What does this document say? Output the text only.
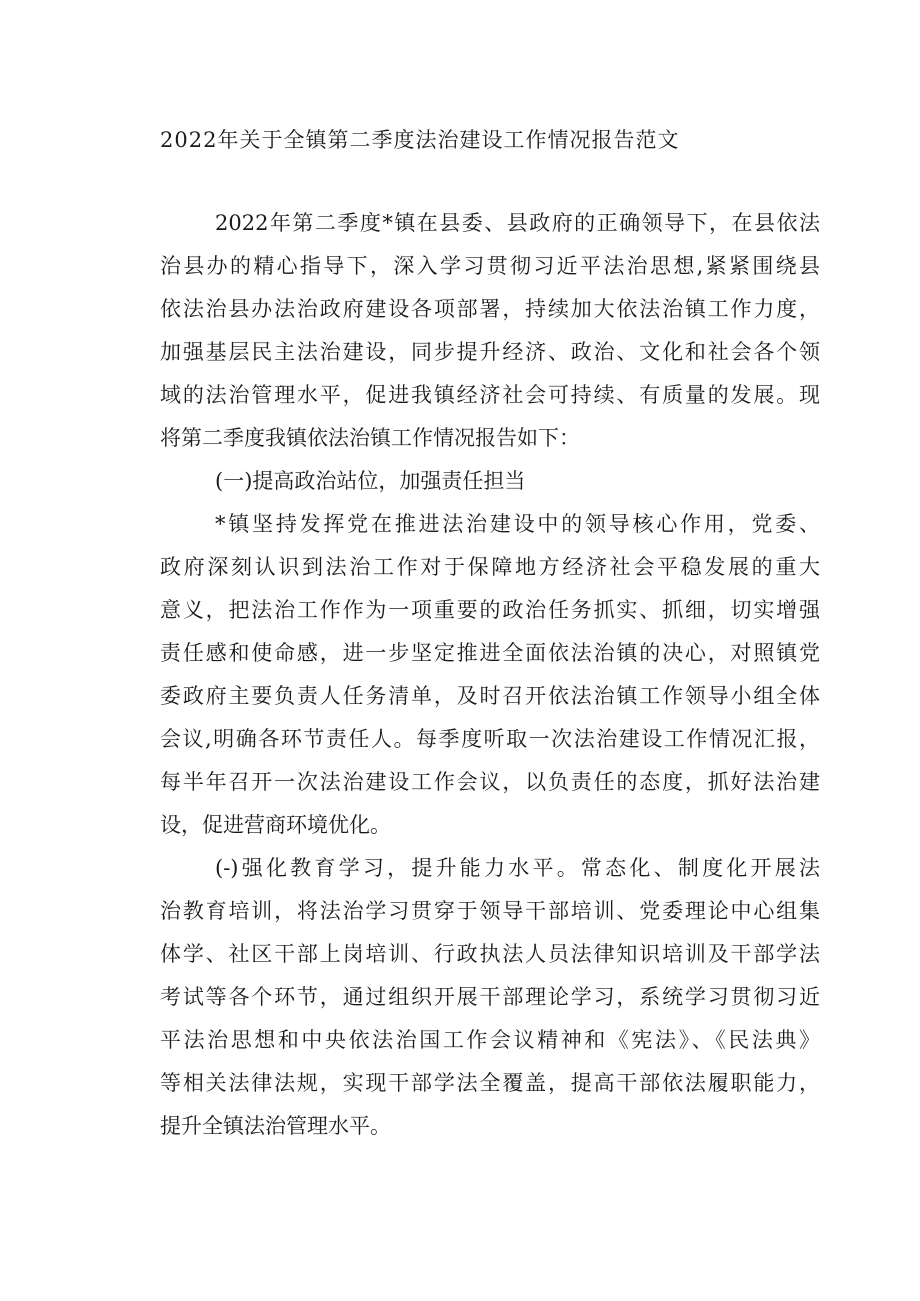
2022年关于全镇第二季度法治建设工作情况报告范文
2022年第二季度*镇在县委、县政府的正确领导下，在县依法
治县办的精心指导下，深入学习贯彻习近平法治思想,紧紧围绕县
依法治县办法治政府建设各项部署，持续加大依法治镇工作力度，
加强基层民主法治建设，同步提升经济、政治、文化和社会各个领
域的法治管理水平，促进我镇经济社会可持续、有质量的发展。现
将第二季度我镇依法治镇工作情况报告如下：
(一)提高政治站位，加强责任担当
*镇坚持发挥党在推进法治建设中的领导核心作用，党委、
政府深刻认识到法治工作对于保障地方经济社会平稳发展的重大
意义，把法治工作作为一项重要的政治任务抓实、抓细，切实增强
责任感和使命感，进一步坚定推进全面依法治镇的决心，对照镇党
委政府主要负责人任务清单，及时召开依法治镇工作领导小组全体
会议,明确各环节责任人。每季度听取一次法治建设工作情况汇报，
每半年召开一次法治建设工作会议，以负责任的态度，抓好法治建
设，促进营商环境优化。
(-)强化教育学习，提升能力水平。常态化、制度化开展法
治教育培训，将法治学习贯穿于领导干部培训、党委理论中心组集
体学、社区干部上岗培训、行政执法人员法律知识培训及干部学法
考试等各个环节，通过组织开展干部理论学习，系统学习贯彻习近
平法治思想和中央依法治国工作会议精神和《宪法》、《民法典》
等相关法律法规，实现干部学法全覆盖，提高干部依法履职能力，
提升全镇法治管理水平。
